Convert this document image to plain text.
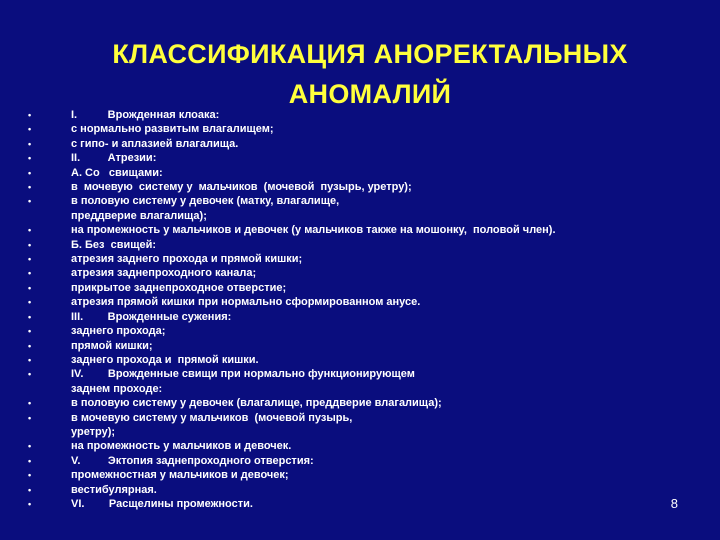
КЛАССИФИКАЦИЯ АНОРЕКТАЛЬНЫХ
АНОМАЛИЙ
• I.          Врожденная клоака:
• с нормально развитым влагалищем;
• с гипо- и аплазией влагалища.
• II.         Атрезии:
• А. Со   свищами:
• в  мочевую  систему у  мальчиков  (мочевой  пузырь, уретру);
• в половую систему у девочек (матку, влагалище,
преддверие влагалища);
• на промежность у мальчиков и девочек (у мальчиков также на мошонку,  половой член).
• Б. Без  свищей:
• атрезия заднего прохода и прямой кишки;
• атрезия заднепроходного канала;
• прикрытое заднепроходное отверстие;
• атрезия прямой кишки при нормально сформированном анусе.
• III.        Врожденные сужения:
• заднего прохода;
• прямой кишки;
• заднего прохода и  прямой кишки.
• IV.        Врожденные свищи при нормально функционирующем
заднем проходе:
• в половую систему у девочек (влагалище, преддверие влагалища);
• в мочевую систему у мальчиков  (мочевой пузырь,
уретру);
• на промежность у мальчиков и девочек.
• V.         Эктопия заднепроходного отверстия:
• промежностная у мальчиков и девочек;
• вестибулярная.
• VI.        Расщелины промежности.	8
